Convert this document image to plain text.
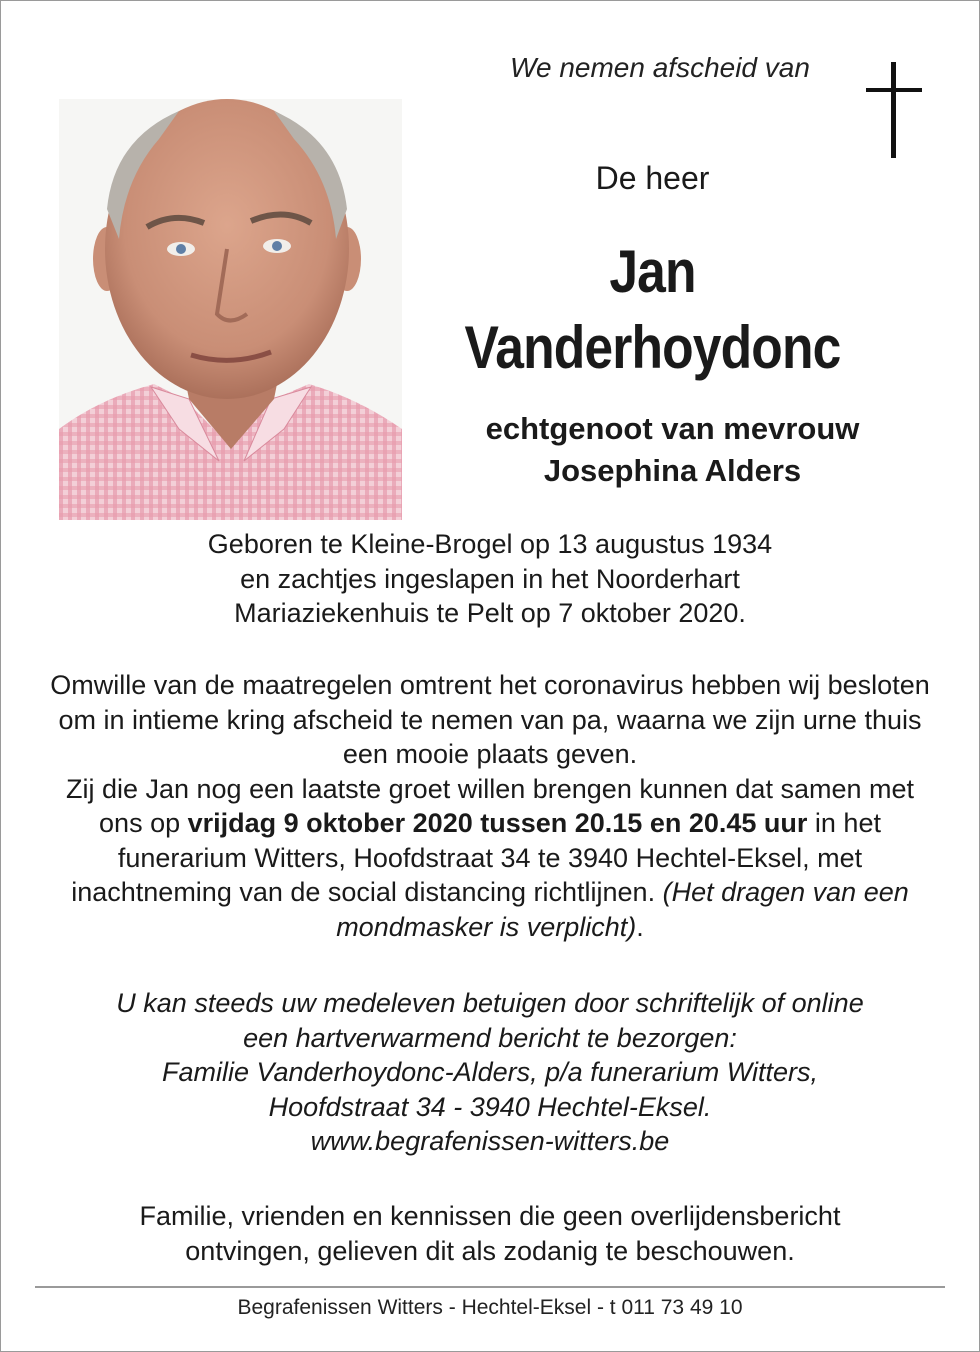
We nemen afscheid van
De heer
Jan
Vanderhoydonc
echtgenoot van mevrouw
Josephina Alders

Geboren te Kleine-Brogel op 13 augustus 1934

en zachtjes ingeslapen in het Noorderhart

Mariaziekenhuis te Pelt op 7 oktober 2020.

Omwille van de maatregelen omtrent het coronavirus hebben wij besloten om in intieme kring afscheid te nemen van pa, waarna we zijn urne thuis een mooie plaats geven.

Zij die Jan nog een laatste groet willen brengen kunnen dat samen met ons op vrijdag 9 oktober 2020 tussen 20.15 en 20.45 uur in het funerarium Witters, Hoofdstraat 34 te 3940 Hechtel-Eksel, met inachtneming van de social distancing richtlijnen. (Het dragen van een mondmasker is verplicht).

U kan steeds uw medeleven betuigen door schriftelijk of online

een hartverwarmend bericht te bezorgen:

Familie Vanderhoydonc-Alders, p/a funerarium Witters,

Hoofdstraat 34 - 3940 Hechtel-Eksel.

www.begrafenissen-witters.be

Familie, vrienden en kennissen die geen overlijdensbericht

ontvingen, gelieven dit als zodanig te beschouwen.

Begrafenissen Witters - Hechtel-Eksel - t 011 73 49 10
